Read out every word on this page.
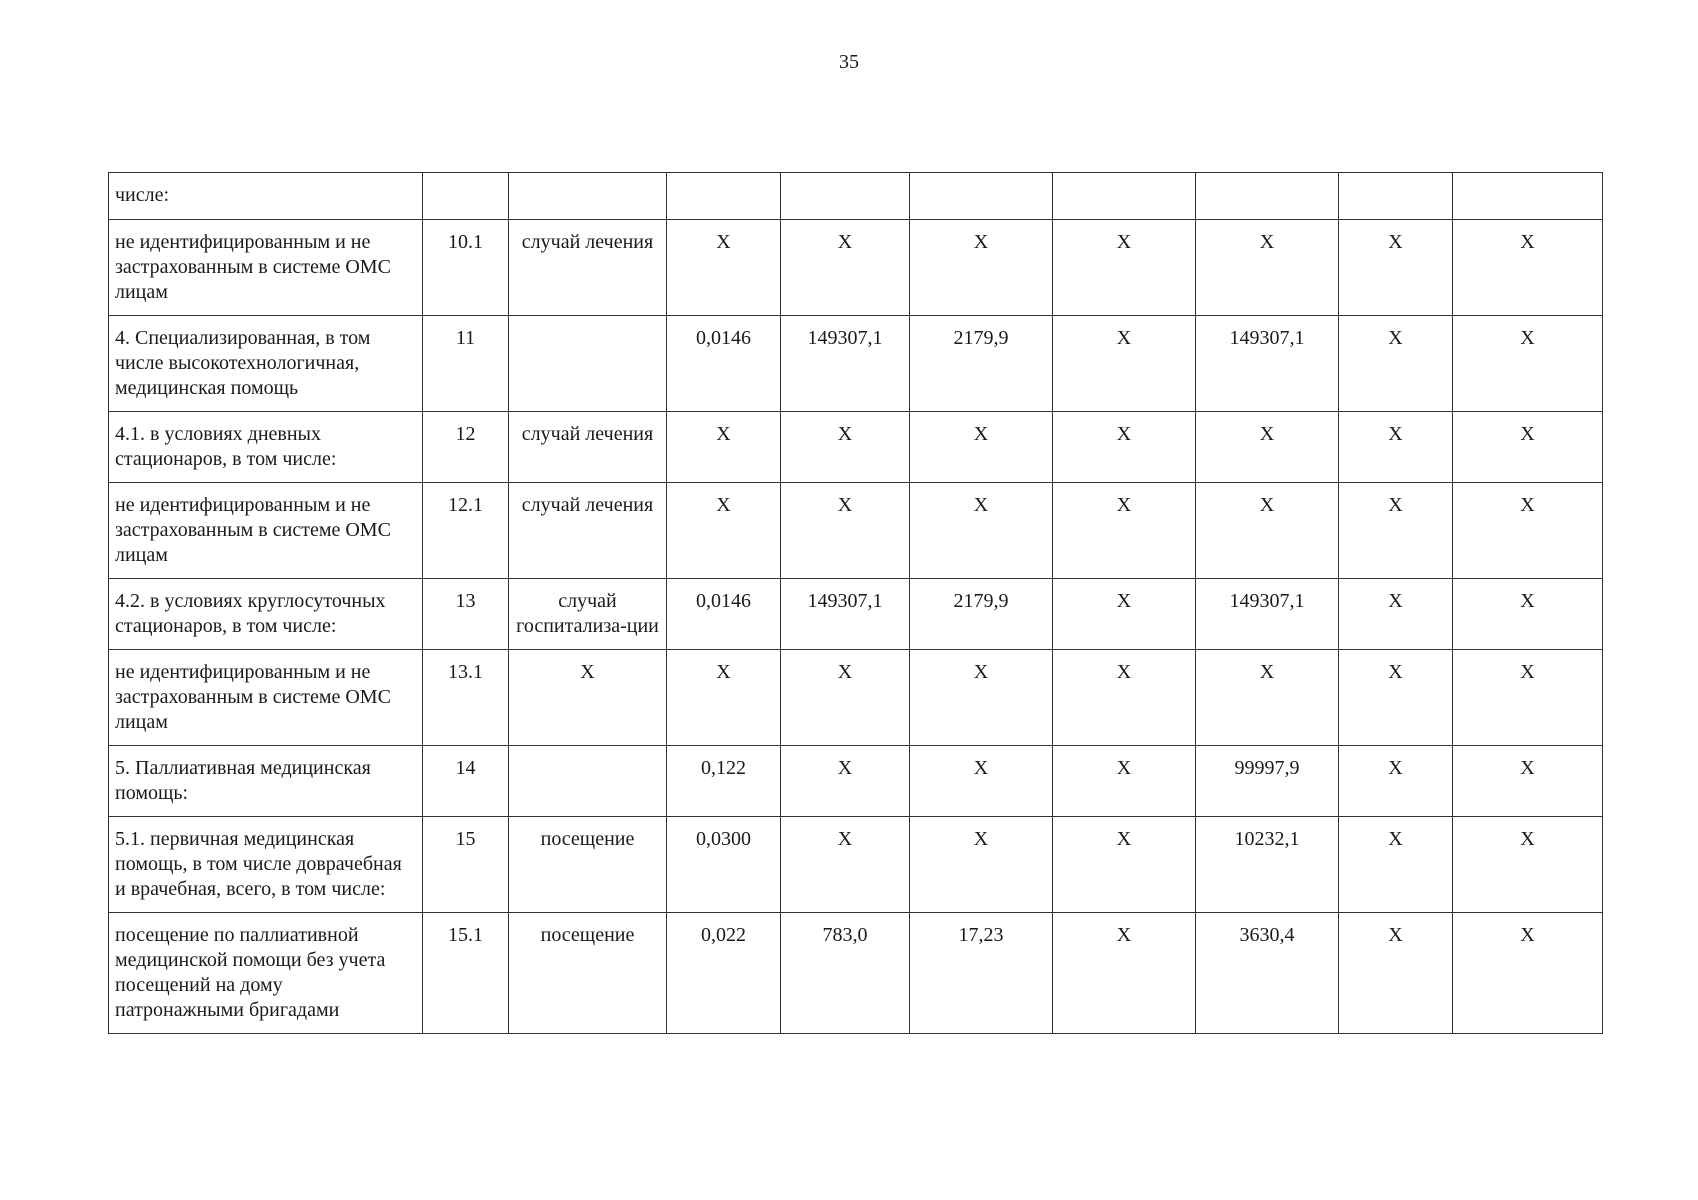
35
числе:									
не идентифицированным и не застрахованным в системе ОМС лицам	10.1	случай лечения	X	X	X	X	X	X	X
4. Специализированная, в том числе высокотехнологичная, медицинская помощь	11		0,0146	149307,1	2179,9	X	149307,1	X	X
4.1. в условиях дневных стационаров, в том числе:	12	случай лечения	X	X	X	X	X	X	X
не идентифицированным и не застрахованным в системе ОМС лицам	12.1	случай лечения	X	X	X	X	X	X	X
4.2. в условиях круглосуточных стационаров, в том числе:	13	случай госпитализа-ции	0,0146	149307,1	2179,9	X	149307,1	X	X
не идентифицированным и не застрахованным в системе ОМС лицам	13.1	X	X	X	X	X	X	X	X
5. Паллиативная медицинская помощь:	14		0,122	X	X	X	99997,9	X	X
5.1. первичная медицинская помощь, в том числе доврачебная и врачебная, всего, в том числе:	15	посещение	0,0300	X	X	X	10232,1	X	X
посещение по паллиативной медицинской помощи без учета посещений на дому патронажными бригадами	15.1	посещение	0,022	783,0	17,23	X	3630,4	X	X
